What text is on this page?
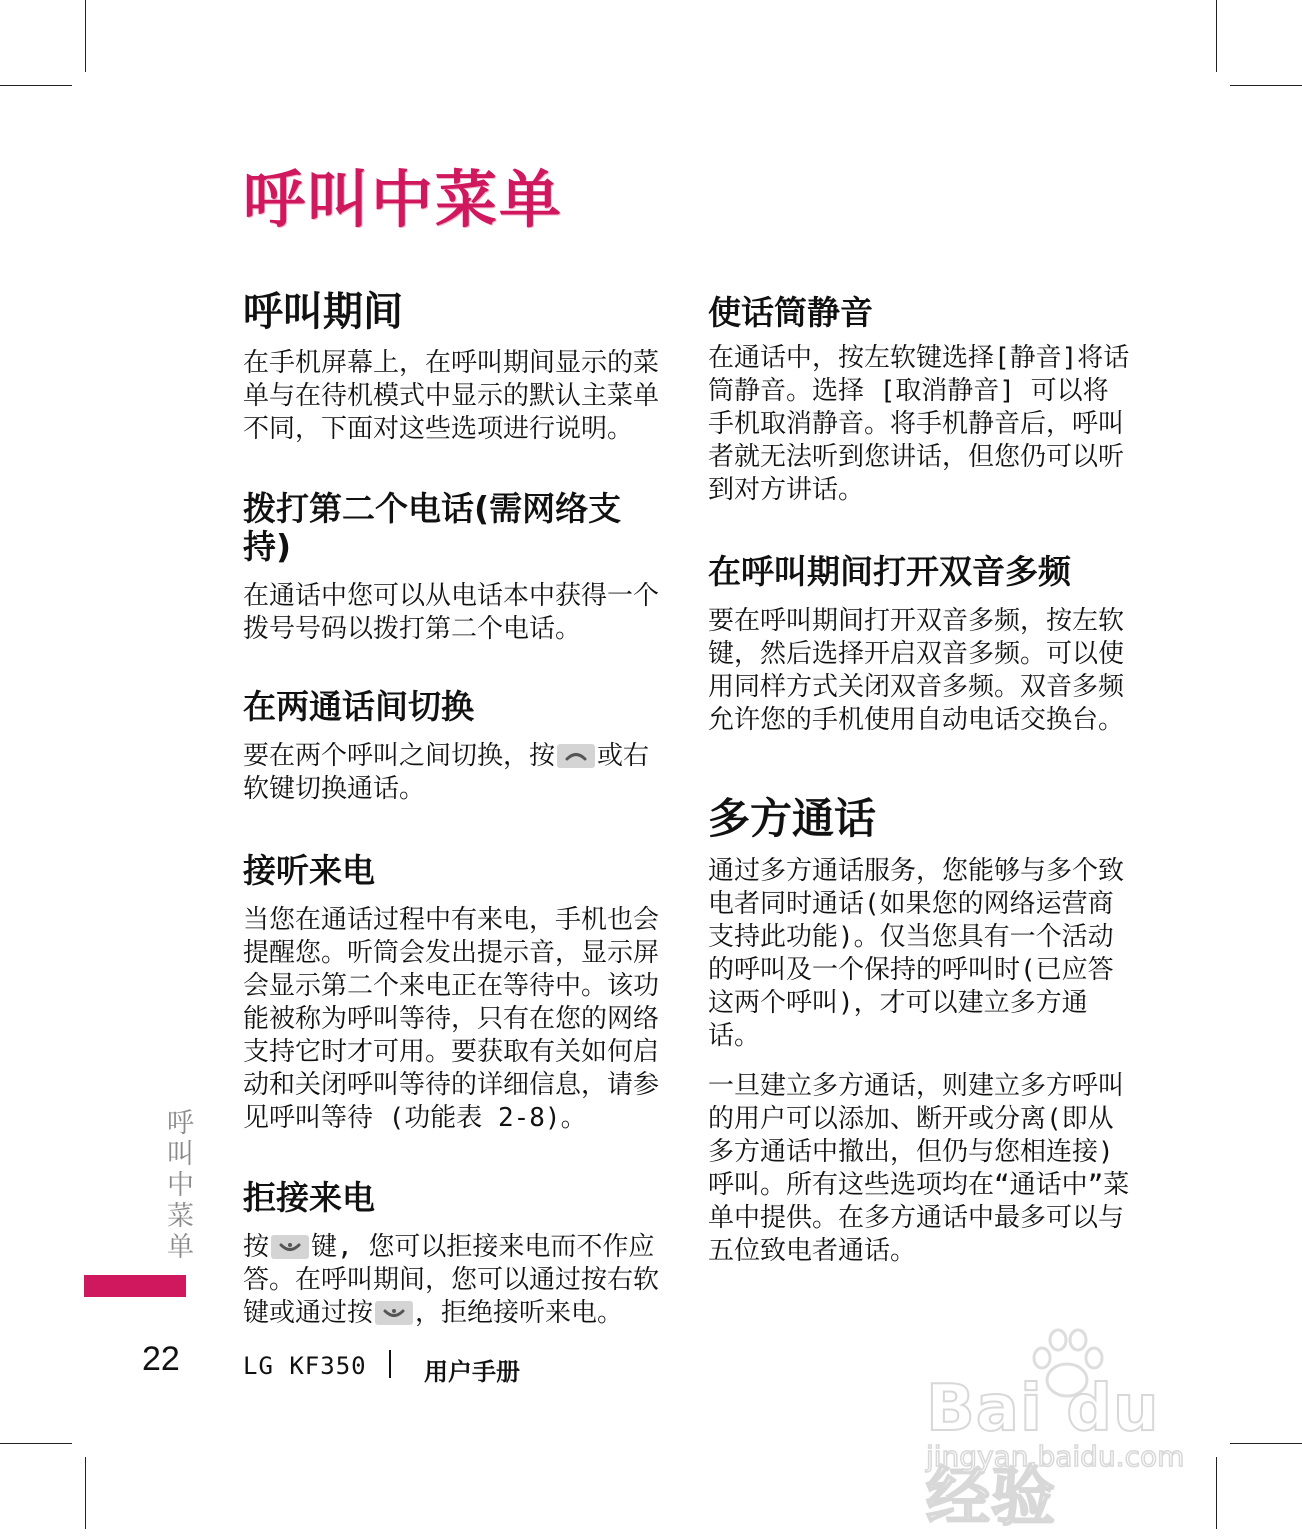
呼叫中菜单
呼叫期间

在手机屏幕上，在呼叫期间显示的菜单与在待机模式中显示的默认主菜单不同，下面对这些选项进行说明。

拨打第二个电话(需网络支持)

在通话中您可以从电话本中获得一个拨号号码以拨打第二个电话。

在两通话间切换

要在两个呼叫之间切换，按 或右软键切换通话。

接听来电

当您在通话过程中有来电，手机也会提醒您。听筒会发出提示音，显示屏会显示第二个来电正在等待中。该功能被称为呼叫等待，只有在您的网络支持它时才可用。要获取有关如何启动和关闭呼叫等待的详细信息，请参见呼叫等待 (功能表 2-8)。

拒接来电

按 键, 您可以拒接来电而不作应答。在呼叫期间，您可以通过按右软键或通过按 ，拒绝接听来电。

使话筒静音

在通话中，按左软键选择[静音]将话筒静音。选择 [取消静音] 可以将手机取消静音。将手机静音后，呼叫者就无法听到您讲话，但您仍可以听到对方讲话。

在呼叫期间打开双音多频

要在呼叫期间打开双音多频，按左软键，然后选择开启双音多频。可以使用同样方式关闭双音多频。双音多频允许您的手机使用自动电话交换台。

多方通话

通过多方通话服务，您能够与多个致电者同时通话(如果您的网络运营商支持此功能)。仅当您具有一个活动的呼叫及一个保持的呼叫时(已应答这两个呼叫)，才可以建立多方通话。

一旦建立多方通话，则建立多方呼叫的用户可以添加、断开或分离(即从多方通话中撤出，但仍与您相连接)呼叫。所有这些选项均在“通话中”菜单中提供。在多方通话中最多可以与五位致电者通话。

呼叫中菜单
22	LG KF350 用户手册	Bai du 经验
jingyan.baidu.com
